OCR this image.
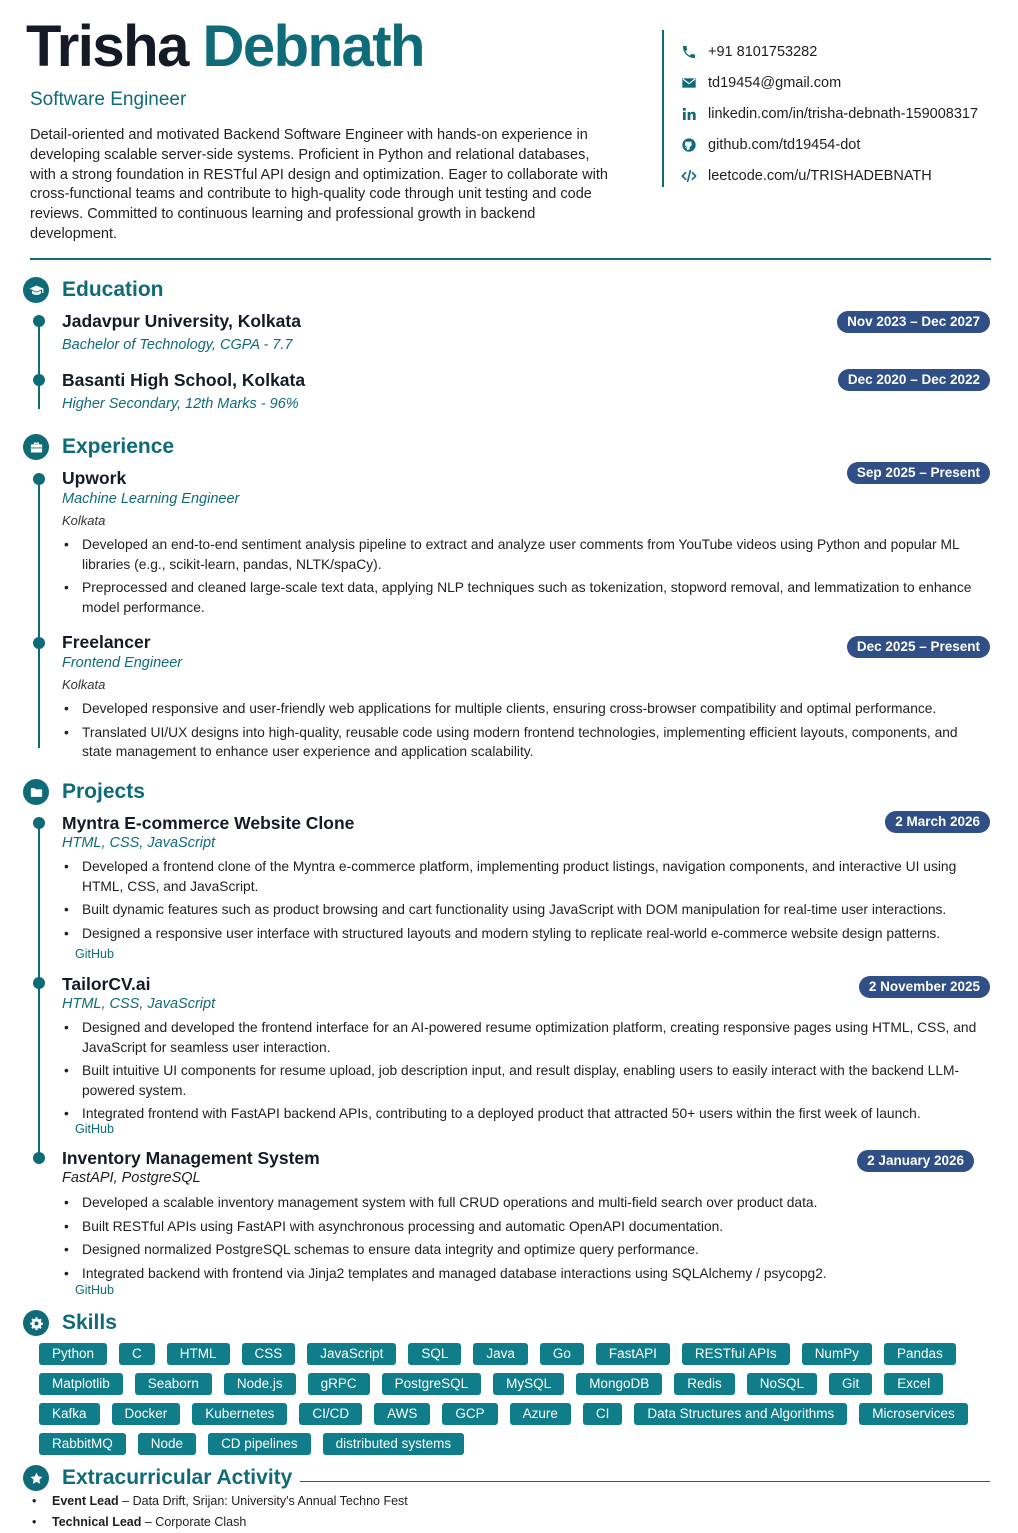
Trisha Debnath
Software Engineer
Detail-oriented and motivated Backend Software Engineer with hands-on experience in developing scalable server-side systems. Proficient in Python and relational databases, with a strong foundation in RESTful API design and optimization. Eager to collaborate with cross-functional teams and contribute to high-quality code through unit testing and code reviews. Committed to continuous learning and professional growth in backend development.
+91 8101753282
td19454@gmail.com
linkedin.com/in/trisha-debnath-159008317
github.com/td19454-dot
leetcode.com/u/TRISHADEBNATH
Education
Jadavpur University, Kolkata
Bachelor of Technology, CGPA - 7.7
Nov 2023 – Dec 2027
Basanti High School, Kolkata
Higher Secondary, 12th Marks - 96%
Dec 2020 – Dec 2022
Experience
Upwork
Machine Learning Engineer
Kolkata
Sep 2025 – Present
• Developed an end-to-end sentiment analysis pipeline to extract and analyze user comments from YouTube videos using Python and popular ML libraries (e.g., scikit-learn, pandas, NLTK/spaCy).
• Preprocessed and cleaned large-scale text data, applying NLP techniques such as tokenization, stopword removal, and lemmatization to enhance model performance.
Freelancer
Frontend Engineer
Kolkata
Dec 2025 – Present
• Developed responsive and user-friendly web applications for multiple clients, ensuring cross-browser compatibility and optimal performance.
• Translated UI/UX designs into high-quality, reusable code using modern frontend technologies, implementing efficient layouts, components, and state management to enhance user experience and application scalability.
Projects
Myntra E-commerce Website Clone
HTML, CSS, JavaScript
2 March 2026
• Developed a frontend clone of the Myntra e-commerce platform, implementing product listings, navigation components, and interactive UI using HTML, CSS, and JavaScript.
• Built dynamic features such as product browsing and cart functionality using JavaScript with DOM manipulation for real-time user interactions.
• Designed a responsive user interface with structured layouts and modern styling to replicate real-world e-commerce website design patterns.
GitHub
TailorCV.ai
HTML, CSS, JavaScript
2 November 2025
• Designed and developed the frontend interface for an AI-powered resume optimization platform, creating responsive pages using HTML, CSS, and JavaScript for seamless user interaction.
• Built intuitive UI components for resume upload, job description input, and result display, enabling users to easily interact with the backend LLM-powered system.
• Integrated frontend with FastAPI backend APIs, contributing to a deployed product that attracted 50+ users within the first week of launch.
GitHub
Inventory Management System
FastAPI, PostgreSQL
2 January 2026
• Developed a scalable inventory management system with full CRUD operations and multi-field search over product data.
• Built RESTful APIs using FastAPI with asynchronous processing and automatic OpenAPI documentation.
• Designed normalized PostgreSQL schemas to ensure data integrity and optimize query performance.
• Integrated backend with frontend via Jinja2 templates and managed database interactions using SQLAlchemy / psycopg2.
GitHub
Skills
Python	C	HTML	CSS	JavaScript	SQL	Java	Go	FastAPI	RESTful APIs	NumPy	Pandas
Matplotlib	Seaborn	Node.js	gRPC	PostgreSQL	MySQL	MongoDB	Redis	NoSQL	Git	Excel
Kafka	Docker	Kubernetes	CI/CD	AWS	GCP	Azure	CI	Data Structures and Algorithms	Microservices
RabbitMQ	Node	CD pipelines	distributed systems
Extracurricular Activity
• Event Lead – Data Drift, Srijan: University's Annual Techno Fest
• Technical Lead – Corporate Clash
